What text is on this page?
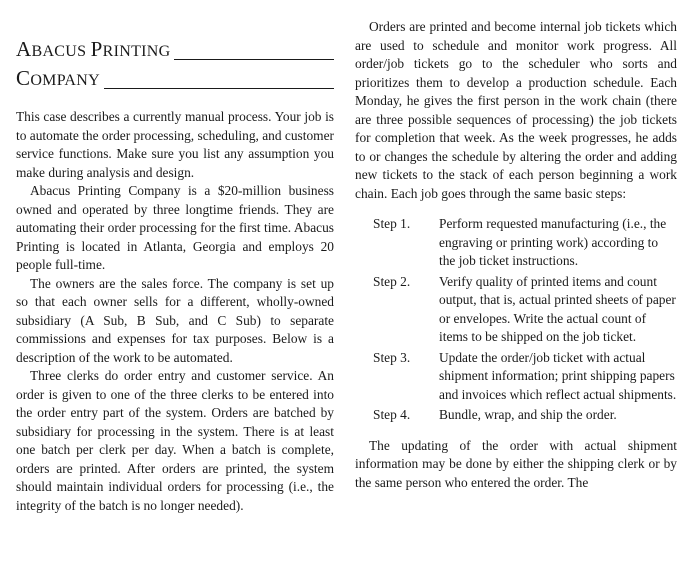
ABACUS PRINTING
COMPANY

This case describes a currently manual process. Your job is to automate the order processing, scheduling, and customer service functions. Make sure you list any assumption you make during analysis and design.

Abacus Printing Company is a $20-million business owned and operated by three longtime friends. They are automating their order processing for the first time. Abacus Printing is located in Atlanta, Georgia and employs 20 people full-time.

The owners are the sales force. The company is set up so that each owner sells for a different, wholly-owned subsidiary (A Sub, B Sub, and C Sub) to separate commissions and expenses for tax purposes. Below is a description of the work to be automated.

Three clerks do order entry and customer service. An order is given to one of the three clerks to be entered into the order entry part of the system. Orders are batched by subsidiary for processing in the system. There is at least one batch per clerk per day. When a batch is complete, orders are printed. After orders are printed, the system should maintain individual orders for processing (i.e., the integrity of the batch is no longer needed).

Orders are printed and become internal job tickets which are used to schedule and monitor work progress. All order/job tickets go to the scheduler who sorts and prioritizes them to develop a production schedule. Each Monday, he gives the first person in the work chain (there are three possible sequences of processing) the job tickets for completion that week. As the week progresses, he adds to or changes the schedule by altering the order and adding new tickets to the stack of each person beginning a work chain. Each job goes through the same basic steps:

Step 1.	Perform requested manufacturing (i.e., the engraving or printing work) according to the job ticket instructions.
Step 2.	Verify quality of printed items and count output, that is, actual printed sheets of paper or envelopes. Write the actual count of items to be shipped on the job ticket.
Step 3.	Update the order/job ticket with actual shipment information; print shipping papers and invoices which reflect actual shipments.
Step 4.	Bundle, wrap, and ship the order.

The updating of the order with actual shipment information may be done by either the shipping clerk or by the same person who entered the order. The
